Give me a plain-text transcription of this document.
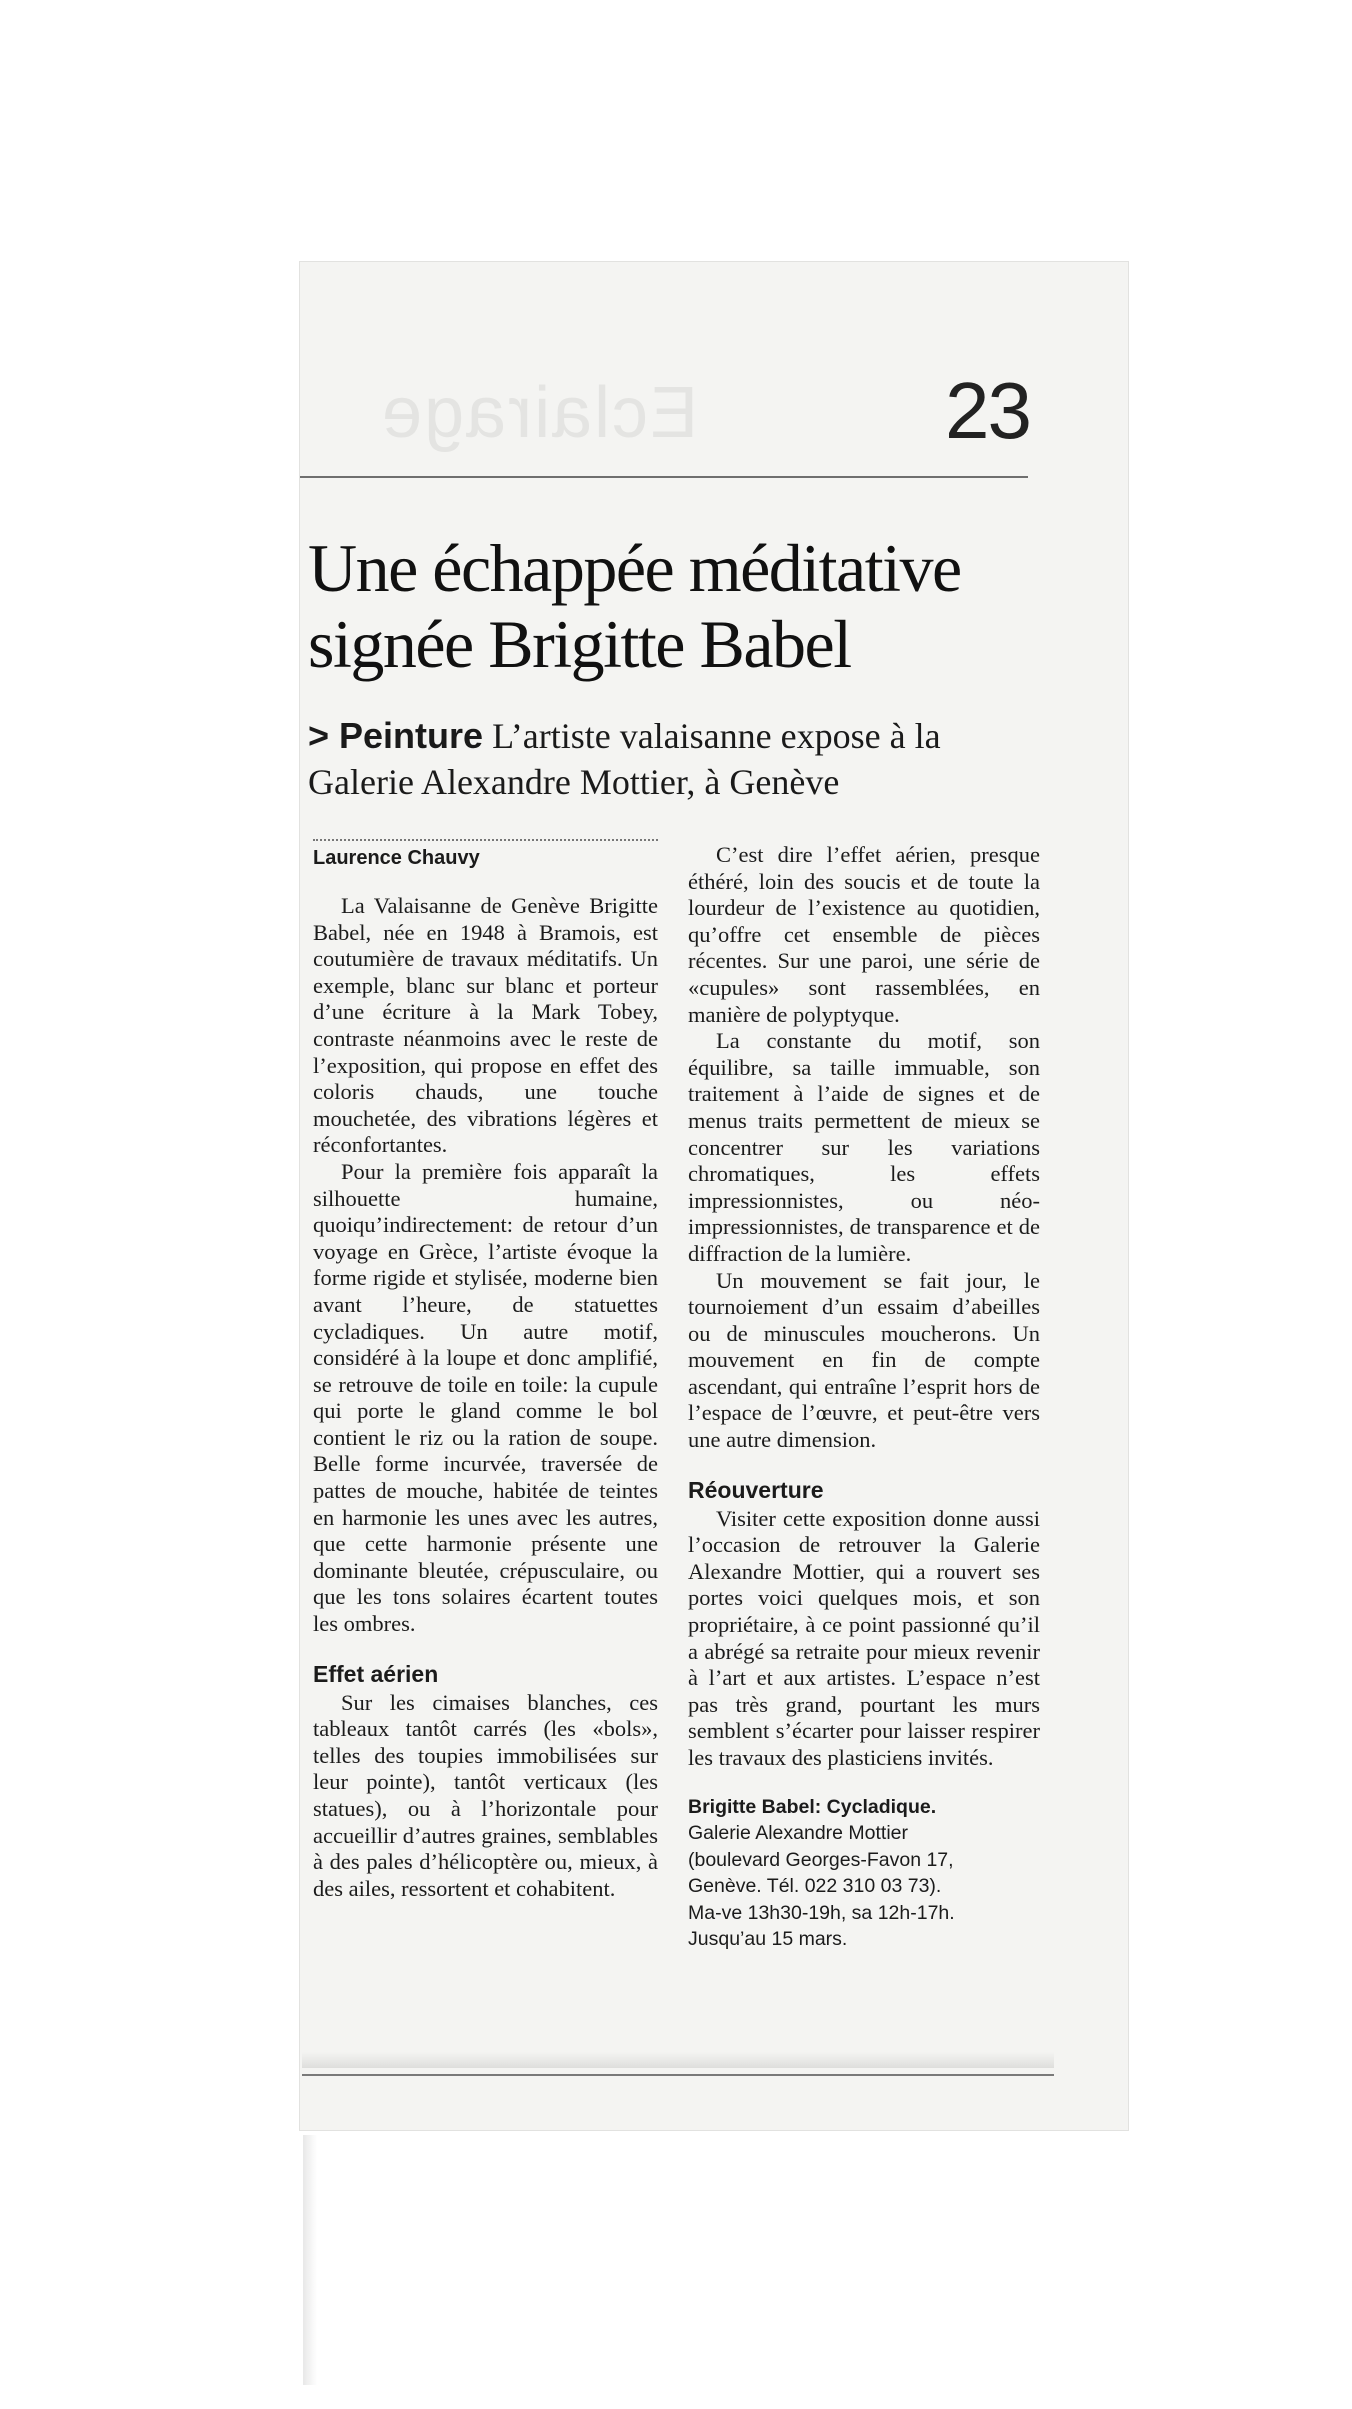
Eclairage	23
Une échappée méditative signée Brigitte Babel
> Peinture L’artiste valaisanne expose à la Galerie Alexandre Mottier, à Genève
Laurence Chauvy

La Valaisanne de Genève Brigitte Babel, née en 1948 à Bramois, est coutumière de travaux méditatifs. Un exemple, blanc sur blanc et porteur d’une écriture à la Mark Tobey, contraste néanmoins avec le reste de l’exposition, qui propose en effet des coloris chauds, une touche mouchetée, des vibrations légères et réconfortantes.

Pour la première fois apparaît la silhouette humaine, quoiqu’indirectement: de retour d’un voyage en Grèce, l’artiste évoque la forme rigide et stylisée, moderne bien avant l’heure, de statuettes cycladiques. Un autre motif, considéré à la loupe et donc amplifié, se retrouve de toile en toile: la cupule qui porte le gland comme le bol contient le riz ou la ration de soupe. Belle forme incurvée, traversée de pattes de mouche, habitée de teintes en harmonie les unes avec les autres, que cette harmonie présente une dominante bleutée, crépusculaire, ou que les tons solaires écartent toutes les ombres.

Effet aérien

Sur les cimaises blanches, ces tableaux tantôt carrés (les «bols», telles des toupies immobilisées sur leur pointe), tantôt verticaux (les statues), ou à l’horizontale pour accueillir d’autres graines, semblables à des pales d’hélicoptère ou, mieux, à des ailes, ressortent et cohabitent.

C’est dire l’effet aérien, presque éthéré, loin des soucis et de toute la lourdeur de l’existence au quotidien, qu’offre cet ensemble de pièces récentes. Sur une paroi, une série de «cupules» sont rassemblées, en manière de polyptyque.

La constante du motif, son équilibre, sa taille immuable, son traitement à l’aide de signes et de menus traits permettent de mieux se concentrer sur les variations chromatiques, les effets impressionnistes, ou néo-impressionnistes, de transparence et de diffraction de la lumière.

Un mouvement se fait jour, le tournoiement d’un essaim d’abeilles ou de minuscules moucherons. Un mouvement en fin de compte ascendant, qui entraîne l’esprit hors de l’espace de l’œuvre, et peut-être vers une autre dimension.

Réouverture

Visiter cette exposition donne aussi l’occasion de retrouver la Galerie Alexandre Mottier, qui a rouvert ses portes voici quelques mois, et son propriétaire, à ce point passionné qu’il a abrégé sa retraite pour mieux revenir à l’art et aux artistes. L’espace n’est pas très grand, pourtant les murs semblent s’écarter pour laisser respirer les travaux des plasticiens invités.

Brigitte Babel: Cycladique.
Galerie Alexandre Mottier
(boulevard Georges-Favon 17,
Genève. Tél. 022 310 03 73).
Ma-ve 13h30-19h, sa 12h-17h.
Jusqu’au 15 mars.
